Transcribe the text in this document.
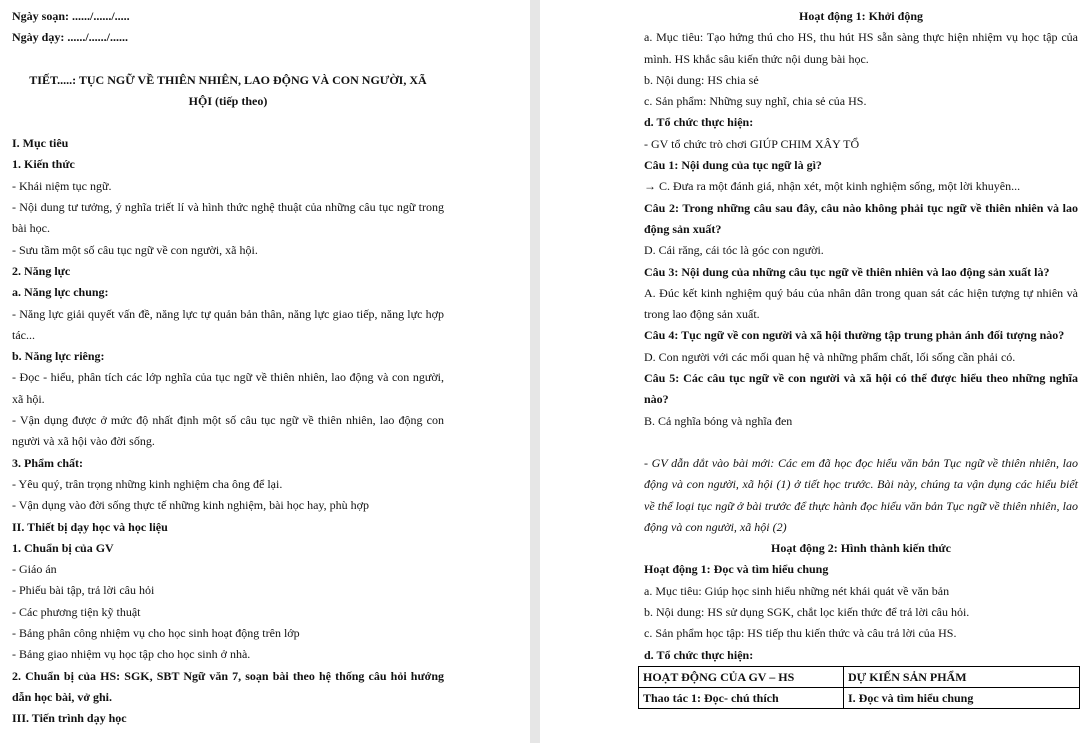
Ngày soạn: ....../....../.....
Ngày dạy: ....../....../......
TIẾT.....: TỤC NGỮ VỀ THIÊN NHIÊN, LAO ĐỘNG VÀ CON NGƯỜI, XÃ
HỘI (tiếp theo)
I. Mục tiêu
1. Kiến thức
- Khái niệm tục ngữ.
- Nội dung tư tưởng, ý nghĩa triết lí và hình thức nghệ thuật của những câu tục ngữ trong bài học.
- Sưu tầm một số câu tục ngữ về con người, xã hội.
2. Năng lực
a. Năng lực chung:
- Năng lực giải quyết vấn đề, năng lực tự quản bản thân, năng lực giao tiếp, năng lực hợp tác...
b. Năng lực riêng:
- Đọc - hiểu, phân tích các lớp nghĩa của tục ngữ về thiên nhiên, lao động và con người, xã hội.
- Vận dụng được ở mức độ nhất định một số câu tục ngữ về thiên nhiên, lao động con người và xã hội vào đời sống.
3. Phẩm chất:
- Yêu quý, trân trọng những kinh nghiệm cha ông để lại.
- Vận dụng vào đời sống thực tế những kinh nghiệm, bài học hay, phù hợp
II. Thiết bị dạy học và học liệu
1. Chuẩn bị của GV
- Giáo án
- Phiếu bài tập, trả lời câu hỏi
- Các phương tiện kỹ thuật
- Bảng phân công nhiệm vụ cho học sinh hoạt động trên lớp
- Bảng giao nhiệm vụ học tập cho học sinh ở nhà.
2. Chuẩn bị của HS: SGK, SBT Ngữ văn 7, soạn bài theo hệ thống câu hỏi hướng dẫn học bài, vở ghi.
III. Tiến trình dạy học
Hoạt động 1: Khởi động
a. Mục tiêu: Tạo hứng thú cho HS, thu hút HS sẵn sàng thực hiện nhiệm vụ học tập của mình. HS khắc sâu kiến thức nội dung bài học.
b. Nội dung: HS chia sẻ
c. Sản phẩm: Những suy nghĩ, chia sẻ của HS.
d. Tổ chức thực hiện:
- GV tổ chức trò chơi GIÚP CHIM XÂY TỔ
Câu 1: Nội dung của tục ngữ là gì?
→ C. Đưa ra một đánh giá, nhận xét, một kinh nghiệm sống, một lời khuyên...
Câu 2: Trong những câu sau đây, câu nào không phải tục ngữ về thiên nhiên và lao động sản xuất?
D. Cái răng, cái tóc là góc con người.
Câu 3: Nội dung của những câu tục ngữ về thiên nhiên và lao động sản xuất là?
A. Đúc kết kinh nghiệm quý báu của nhân dân trong quan sát các hiện tượng tự nhiên và trong lao động sản xuất.
Câu 4: Tục ngữ về con người và xã hội thường tập trung phản ánh đối tượng nào?
D. Con người với các mối quan hệ và những phẩm chất, lối sống cần phải có.
Câu 5: Các câu tục ngữ về con người và xã hội có thể được hiểu theo những nghĩa nào?
B. Cả nghĩa bóng và nghĩa đen
- GV dẫn dắt vào bài mới: Các em đã học đọc hiểu văn bản Tục ngữ về thiên nhiên, lao động và con người, xã hội (1) ở tiết học trước. Bài này, chúng ta vận dụng các hiểu biết về thể loại tục ngữ ở bài trước để thực hành đọc hiểu văn bản Tục ngữ về thiên nhiên, lao động và con người, xã hội (2)
Hoạt động 2: Hình thành kiến thức
Hoạt động 1: Đọc và tìm hiểu chung
a. Mục tiêu: Giúp học sinh hiểu những nét khái quát về văn bản
b. Nội dung: HS sử dụng SGK, chắt lọc kiến thức để trả lời câu hỏi.
c. Sản phẩm học tập: HS tiếp thu kiến thức và câu trả lời của HS.
d. Tổ chức thực hiện:
HOẠT ĐỘNG CỦA GV – HS	DỰ KIẾN SẢN PHẨM
Thao tác 1: Đọc- chú thích	I. Đọc và tìm hiểu chung
